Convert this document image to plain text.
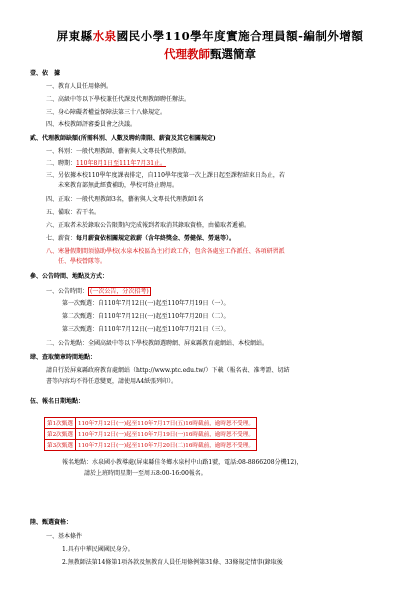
屏東縣水泉國民小學110學年度實施合理員額-編制外增額
代理教師甄選簡章
壹、依　據
一、教育人員任用條例。
二、高級中等以下學校兼任代課及代理教師聘任辦法。
三、身心障礙者權益保障法第三十八條規定。
四、本校教師評審委員會之決議。
貳、代理教師缺額(所需科別、人數及聘約期限、薪資及其它相關規定)
一、科別：一般代理教師、藝術與人文專長代理教師。
二、聘期：110年8月1日至111年7月31止。
三、另依據本校110學年度課表排定，自110學年度第一次上課日起至課程結束日為止，若
　　未來教育部無此經費補助，學校可終止聘用。
四、正取：一般代理教師3名，藝術與人文專長代理教師1名
五、備取：若干名。
六、正取者未於錄取公告限期內完成報到者取消其錄取資格，由備取者遞補。
七、薪資：每月薪資依相關規定敘薪（含年終獎金、勞健保、勞退等）。
八、寒暑假期間須協助學校(水泉本校區為主)行政工作，包含各處室工作派任、各項研習派
　　任、學校營隊等。
參、公告時間、地點及方式：
一、公告時間： (一次公告，分次招考)
第一次甄選：自110年7月12日(一)起至110年7月19日（一）。
第二次甄選：自110年7月12日(一)起至110年7月20日（二）。
第三次甄選：自110年7月12日(一)起至110年7月21日（三）。
二、公告地點：全國高級中等以下學校教師選聘網、屏東縣教育處網站、本校網站。
肆、查取簡章時間地點：
請自行於屏東縣政府教育處網站（http://www.ptc.edu.tw/）下載（報名表、准考證、切結
書等內容均不得任意變更，請使用A4紙張列印）。
伍、報名日期地點：
第1次甄選	110年7月12日(一)起至110年7月17日(五)16時截前，逾時恕不受理。
第2次甄選	110年7月12日(一)起至110年7月19日(一)16時截前，逾時恕不受理。
第3次甄選	110年7月12日(一)起至110年7月20日(二)16時截前，逾時恕不受理。
報名地點：水泉國小教導處(屏東縣佳冬鄉水泉村中山路1號，電話:08-8866208分機12)，
請於上班時間星期一至周五8:00-16:00報名。
陸、甄選資格：
一、基本條件
1.具有中華民國國民身分。
2.無教師法第14條第1項各款及無教育人員任用條例第31條、33條規定情事(錄取後
